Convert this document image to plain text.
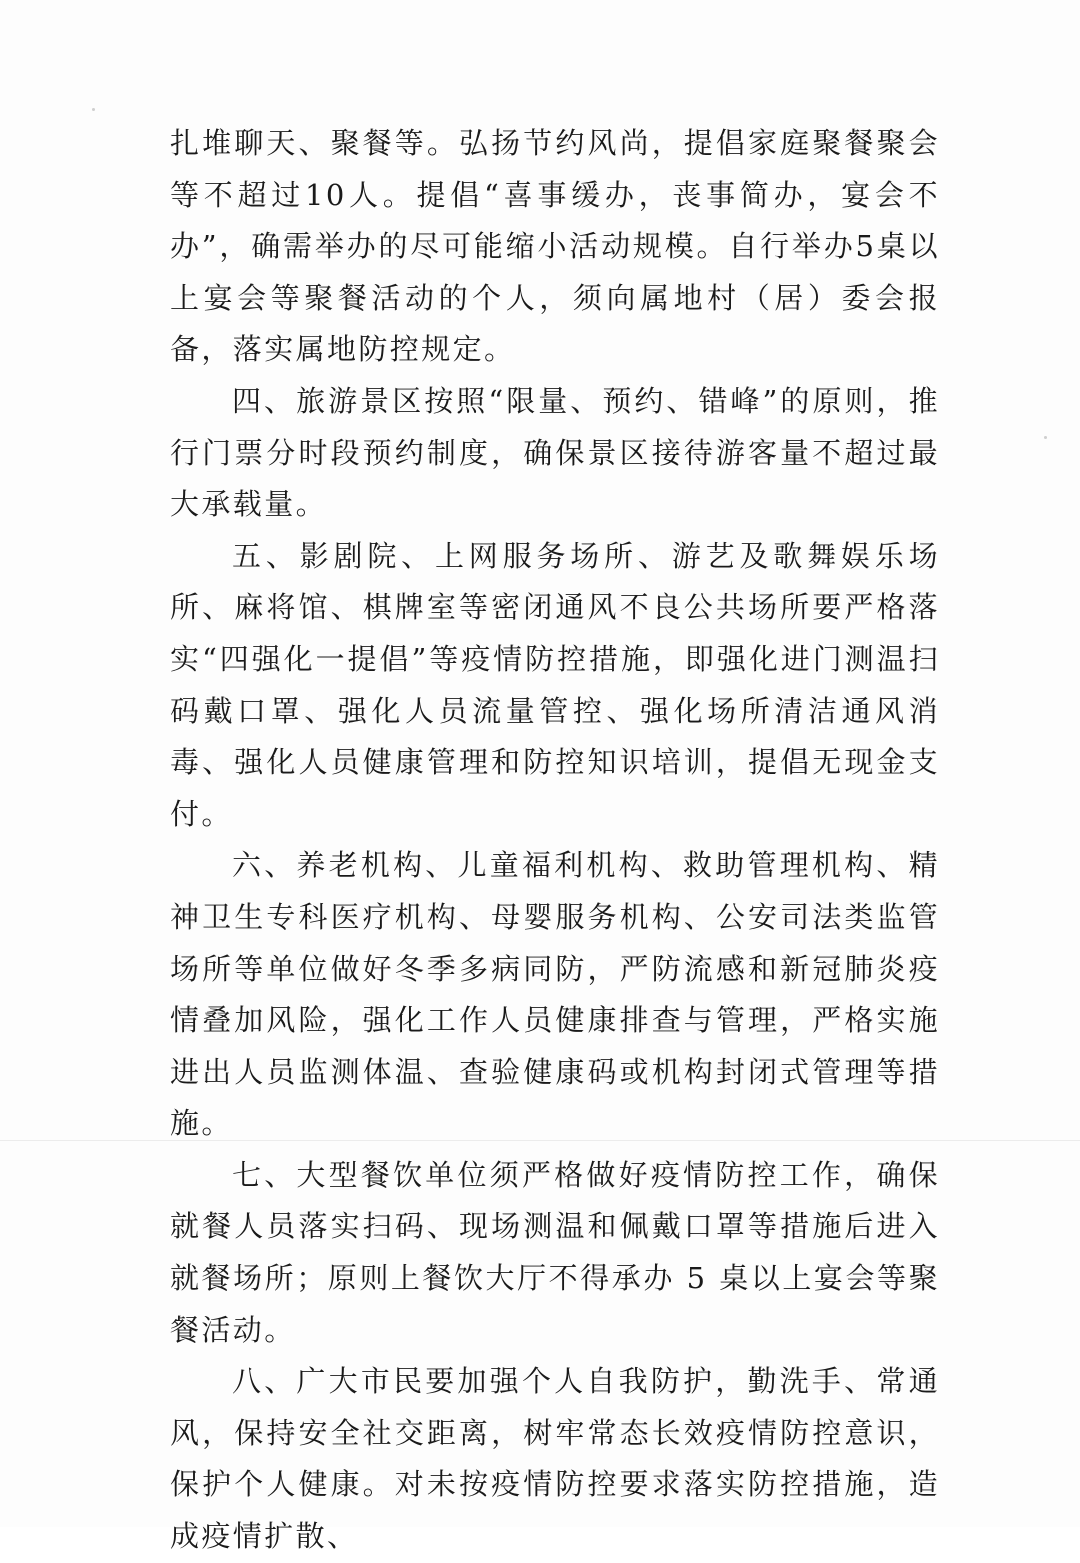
扎堆聊天、聚餐等。弘扬节约风尚，提倡家庭聚餐聚会等不超过10人。提倡“喜事缓办，丧事简办，宴会不办”，确需举办的尽可能缩小活动规模。自行举办5桌以上宴会等聚餐活动的个人，须向属地村（居）委会报备，落实属地防控规定。

四、旅游景区按照“限量、预约、错峰”的原则，推行门票分时段预约制度，确保景区接待游客量不超过最大承载量。

五、影剧院、上网服务场所、游艺及歌舞娱乐场所、麻将馆、棋牌室等密闭通风不良公共场所要严格落实“四强化一提倡”等疫情防控措施，即强化进门测温扫码戴口罩、强化人员流量管控、强化场所清洁通风消毒、强化人员健康管理和防控知识培训，提倡无现金支付。

六、养老机构、儿童福利机构、救助管理机构、精神卫生专科医疗机构、母婴服务机构、公安司法类监管场所等单位做好冬季多病同防，严防流感和新冠肺炎疫情叠加风险，强化工作人员健康排查与管理，严格实施进出人员监测体温、查验健康码或机构封闭式管理等措施。

七、大型餐饮单位须严格做好疫情防控工作，确保就餐人员落实扫码、现场测温和佩戴口罩等措施后进入就餐场所；原则上餐饮大厅不得承办 5 桌以上宴会等聚餐活动。

八、广大市民要加强个人自我防护，勤洗手、常通风，保持安全社交距离，树牢常态长效疫情防控意识，保护个人健康。对未按疫情防控要求落实防控措施，造成疫情扩散、
